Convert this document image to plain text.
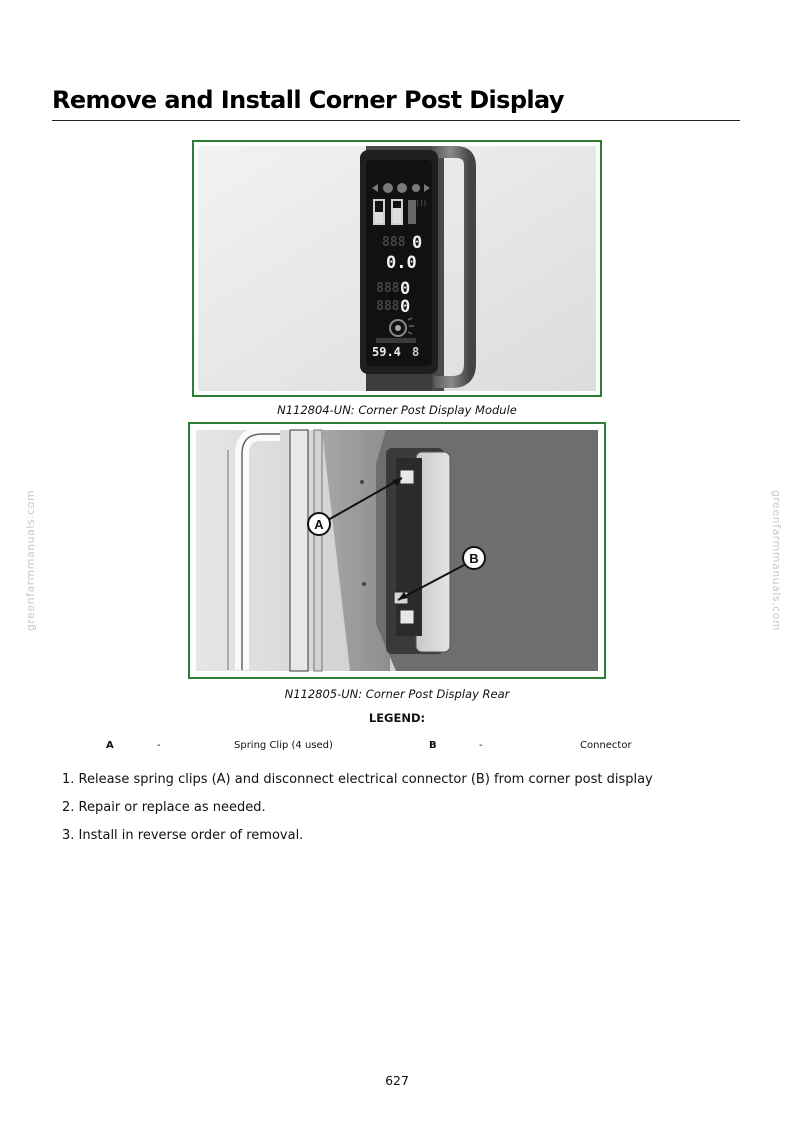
Remove and Install Corner Post Display
|||
888 0
0.0
888 0
888 0
59.4 8
N112804-UN: Corner Post Display Module
A
B
N112805-UN: Corner Post Display Rear
LEGEND:
A	-	Spring Clip (4 used)	B	-	Connector
1. Release spring clips (A) and disconnect electrical connector (B) from corner post display
2. Repair or replace as needed.
3. Install in reverse order of removal.
greenfarmmanuals.com	greenfarmmanuals.com
627
